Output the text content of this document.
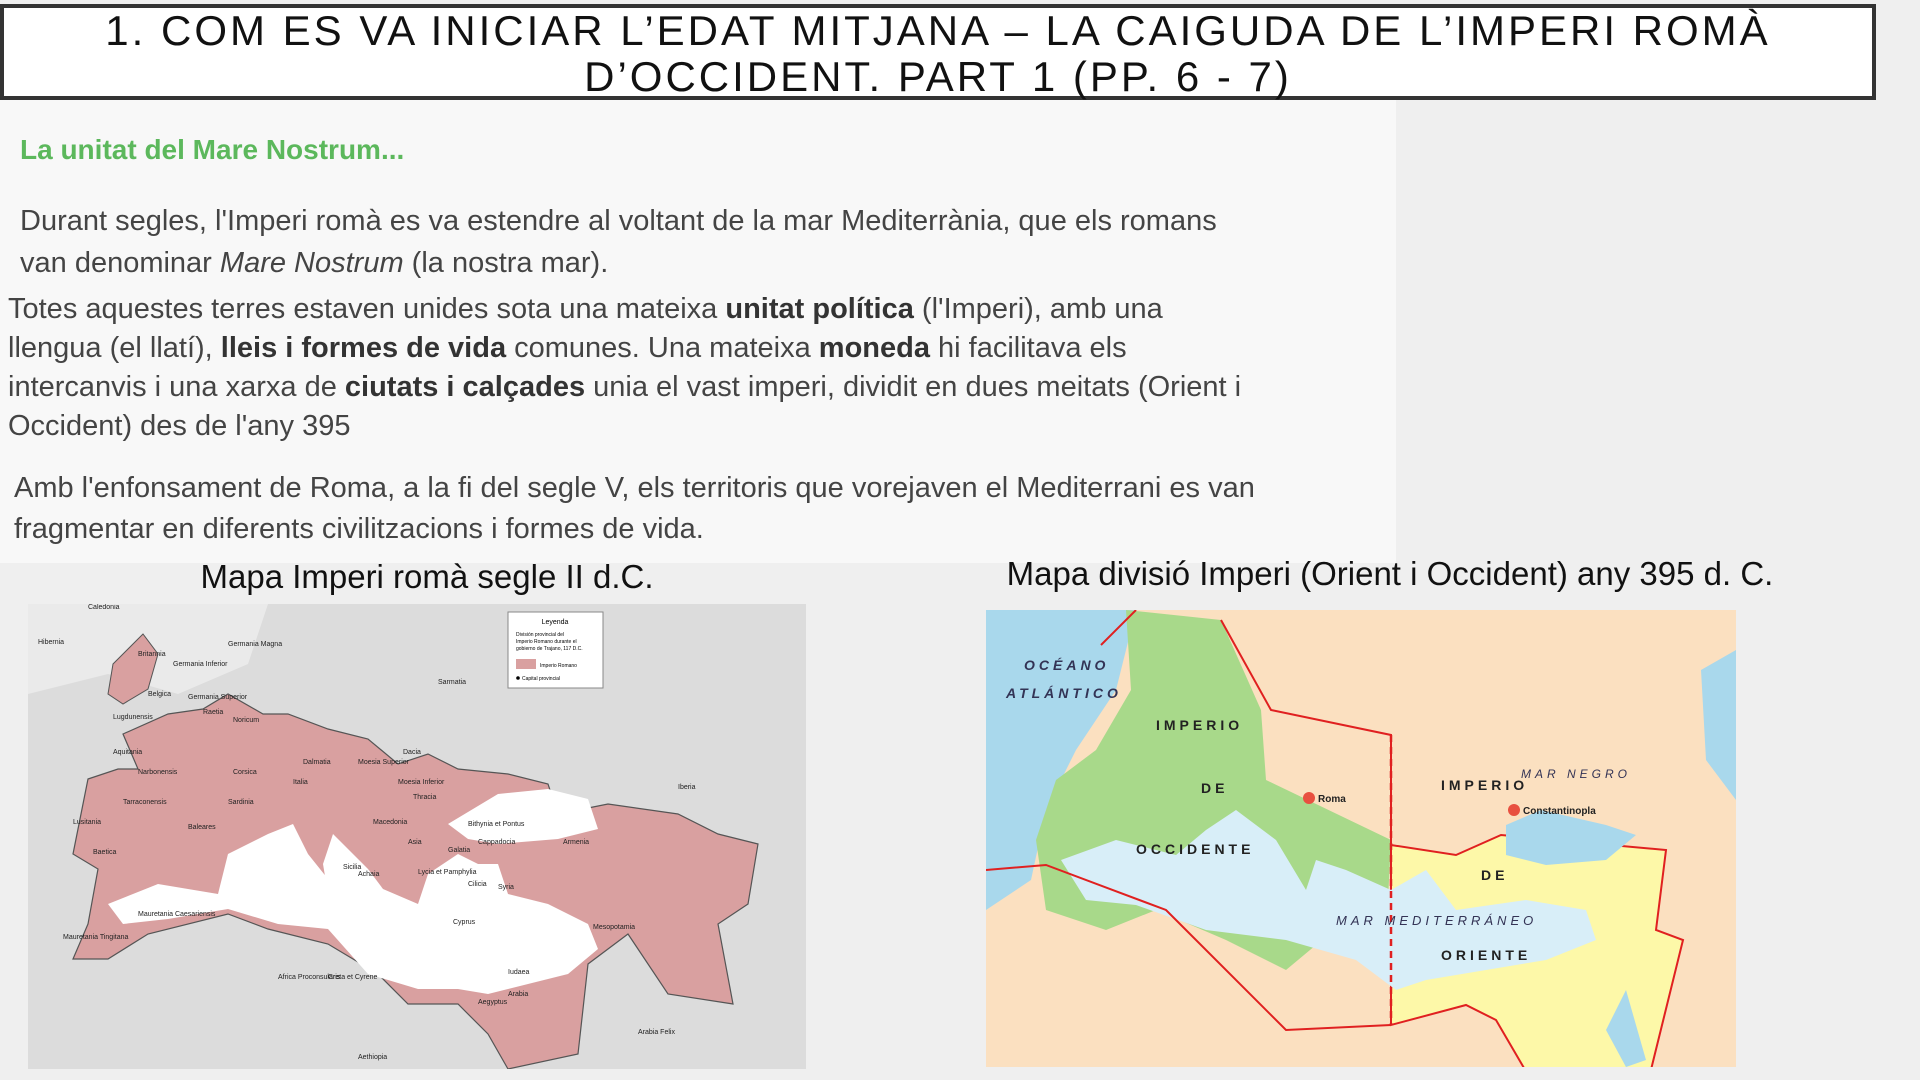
1. COM ES VA INICIAR L’EDAT MITJANA – LA CAIGUDA DE L’IMPERI ROMÀ
D’OCCIDENT. PART 1 (PP. 6 - 7)
La unitat del Mare Nostrum...
Durant segles, l'Imperi romà es va estendre al voltant de la mar Mediterrània, que els romans
van denominar Mare Nostrum (la nostra mar).
Totes aquestes terres estaven unides sota una mateixa unitat política (l'Imperi), amb una
llengua (el llatí), lleis i formes de vida comunes. Una mateixa moneda hi facilitava els
intercanvis i una xarxa de ciutats i calçades unia el vast imperi, dividit en dues meitats (Orient i
Occident) des de l'any 395
Amb l'enfonsament de Roma, a la fi del segle V, els territoris que vorejaven el Mediterrani es van
fragmentar en diferents civilitzacions i formes de vida.
Mapa Imperi romà segle II d.C.	Mapa divisió Imperi (Orient i Occident) any 395 d. C.
Leyenda
División provincial del
Imperio Romano durante el
gobierno de Trajano, 117 D.C.
Imperio Romano
Capital provincial
Caledonia
Hibernia
Britannia
Germania Magna
Sarmatia
Germania Inferior
Germania Superior
Belgica
Lugdunensis
Aquitania
Narbonensis
Raetia
Noricum
Italia
Corsica
Sardinia
Tarraconensis
Lusitania
Baetica
Baleares
Sicilia
Dalmatia	Moesia Superior
Moesia Inferior
Dacia
Thracia
Macedonia
Achaia
Asia
Galatia
Bithynia et Pontus
Cappadocia	Armenia
Cilicia
Lycia et Pamphylia
Syria
Cyprus
Mesopotamia
Iudaea
Arabia
Aegyptus
Creta et Cyrene
Africa Proconsularis
Mauretania Caesariensis
Mauretania Tingitana
Iberia
Arabia Felix
Aethiopia
OCÉANO
ATLÁNTICO
IMPERIO
DE
OCCIDENTE
IMPERIO
DE
ORIENTE
MAR NEGRO
MAR MEDITERRÁNEO
Roma
Constantinopla
